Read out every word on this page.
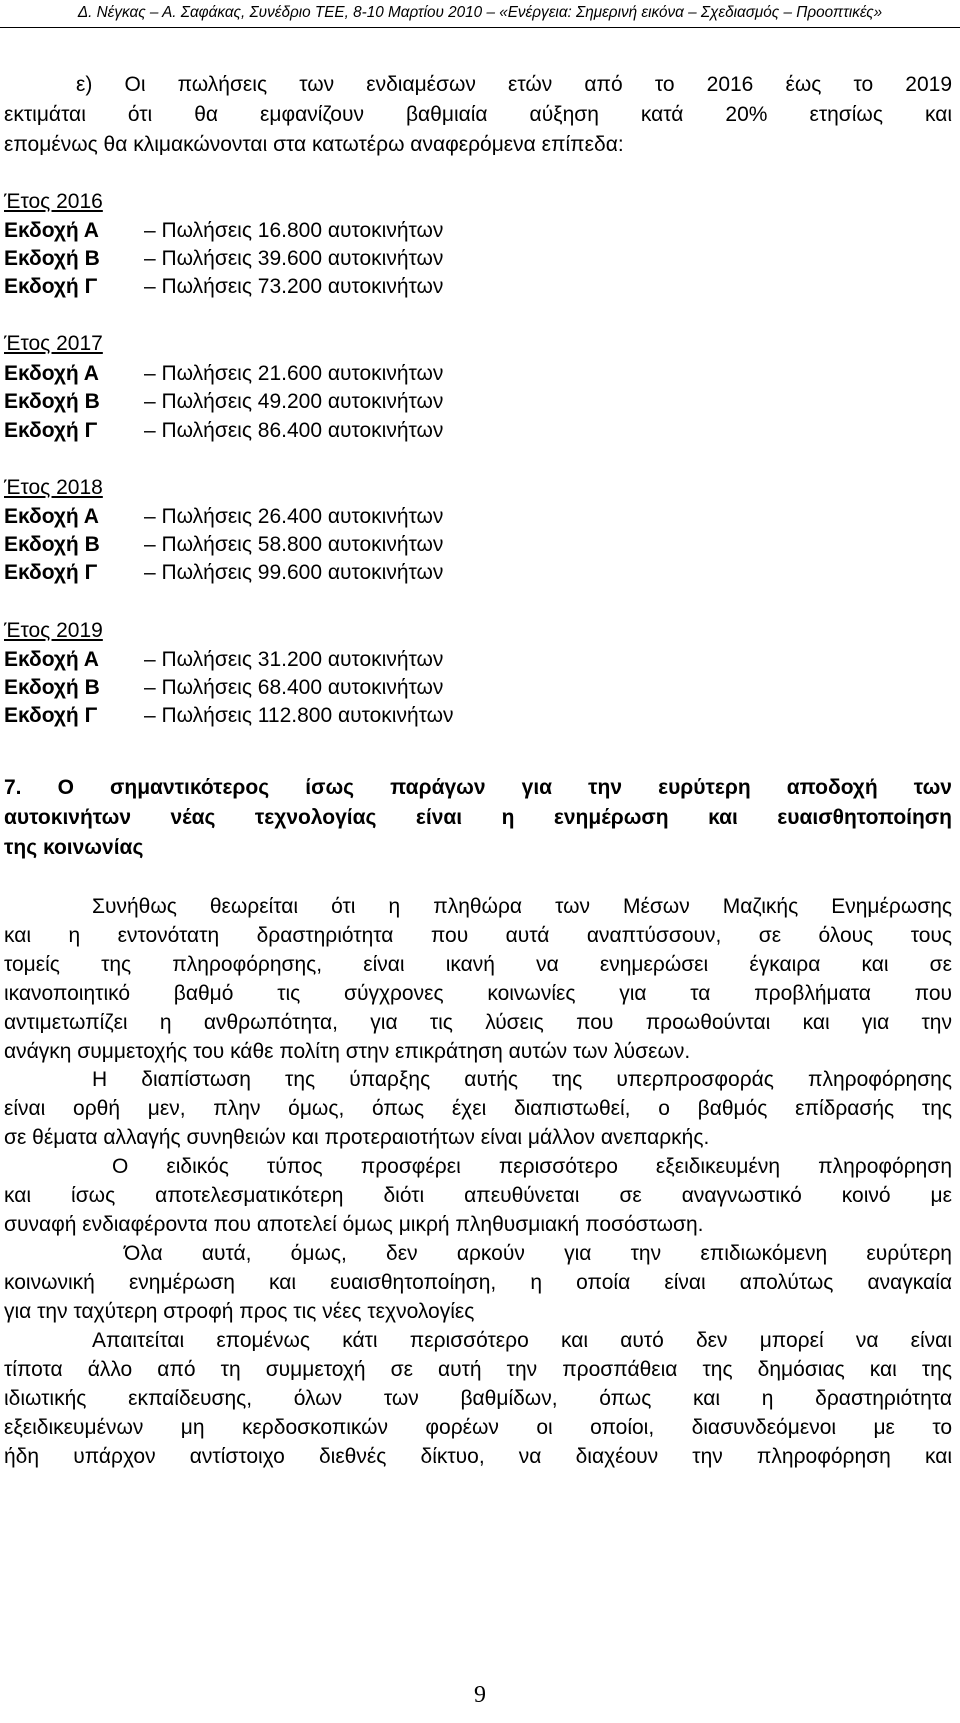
Δ. Νέγκας – Α. Σαφάκας, Συνέδριο ΤΕΕ, 8-10 Μαρτίου 2010 – «Ενέργεια: Σημερινή εικόνα – Σχεδιασμός – Προοπτικές»
ε) Οι πωλήσεις των ενδιαμέσων ετών από το 2016 έως το 2019
εκτιμάται ότι θα εμφανίζουν βαθμιαία αύξηση κατά 20% ετησίως και
επομένως θα κλιμακώνονται στα κατωτέρω αναφερόμενα επίπεδα:
Έτος 2016
Εκδοχή Α – Πωλήσεις 16.800 αυτοκινήτων
Εκδοχή Β – Πωλήσεις 39.600 αυτοκινήτων
Εκδοχή Γ – Πωλήσεις 73.200 αυτοκινήτων
Έτος 2017
Εκδοχή Α – Πωλήσεις 21.600 αυτοκινήτων
Εκδοχή Β – Πωλήσεις 49.200 αυτοκινήτων
Εκδοχή Γ – Πωλήσεις 86.400 αυτοκινήτων
Έτος 2018
Εκδοχή Α – Πωλήσεις 26.400 αυτοκινήτων
Εκδοχή Β – Πωλήσεις 58.800 αυτοκινήτων
Εκδοχή Γ – Πωλήσεις 99.600 αυτοκινήτων
Έτος 2019
Εκδοχή Α – Πωλήσεις 31.200 αυτοκινήτων
Εκδοχή Β – Πωλήσεις 68.400 αυτοκινήτων
Εκδοχή Γ – Πωλήσεις 112.800 αυτοκινήτων
7. Ο σημαντικότερος ίσως παράγων για την ευρύτερη αποδοχή των
αυτοκινήτων νέας τεχνολογίας είναι η ενημέρωση και ευαισθητοποίηση
της κοινωνίας
Συνήθως θεωρείται ότι η πληθώρα των Μέσων Μαζικής Ενημέρωσης
και η εντονότατη δραστηριότητα που αυτά αναπτύσσουν, σε όλους τους
τομείς της πληροφόρησης, είναι ικανή να ενημερώσει έγκαιρα και σε
ικανοποιητικό βαθμό τις σύγχρονες κοινωνίες για τα προβλήματα που
αντιμετωπίζει η ανθρωπότητα, για τις λύσεις που προωθούνται και για την
ανάγκη συμμετοχής του κάθε πολίτη στην επικράτηση αυτών των λύσεων.
Η διαπίστωση της ύπαρξης αυτής της υπερπροσφοράς πληροφόρησης
είναι ορθή μεν, πλην όμως, όπως έχει διαπιστωθεί, ο βαθμός επίδρασής της
σε θέματα αλλαγής συνηθειών και προτεραιοτήτων είναι μάλλον ανεπαρκής.
Ο ειδικός τύπος προσφέρει περισσότερο εξειδικευμένη πληροφόρηση
και ίσως αποτελεσματικότερη διότι απευθύνεται σε αναγνωστικό κοινό με
συναφή ενδιαφέροντα που αποτελεί όμως μικρή πληθυσμιακή ποσόστωση.
Όλα αυτά, όμως, δεν αρκούν για την επιδιωκόμενη ευρύτερη
κοινωνική ενημέρωση και ευαισθητοποίηση, η οποία είναι απολύτως αναγκαία
για την ταχύτερη στροφή προς τις νέες τεχνολογίες
Απαιτείται επομένως κάτι περισσότερο και αυτό δεν μπορεί να είναι
τίποτα άλλο από τη συμμετοχή σε αυτή την προσπάθεια της δημόσιας και της
ιδιωτικής εκπαίδευσης, όλων των βαθμίδων, όπως και η δραστηριότητα
εξειδικευμένων μη κερδοσκοπικών φορέων οι οποίοι, διασυνδεόμενοι με το
ήδη υπάρχον αντίστοιχο διεθνές δίκτυο, να διαχέουν την πληροφόρηση και
9
